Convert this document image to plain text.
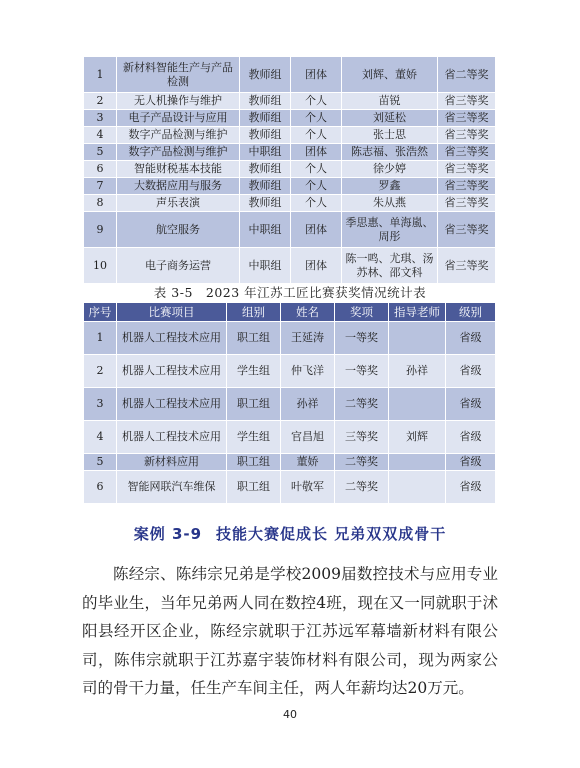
1	新材料智能生产与产品检测	教师组	团体	刘辉、董娇	省二等奖
2	无人机操作与维护	教师组	个人	苗锐	省三等奖
3	电子产品设计与应用	教师组	个人	刘延松	省三等奖
4	数字产品检测与维护	教师组	个人	张士思	省三等奖
5	数字产品检测与维护	中职组	团体	陈志福、张浩然	省三等奖
6	智能财税基本技能	教师组	个人	徐少婷	省三等奖
7	大数据应用与服务	教师组	个人	罗鑫	省三等奖
8	声乐表演	教师组	个人	朱从燕	省三等奖
9	航空服务	中职组	团体	季思惠、单海嵐、周彤	省三等奖
10	电子商务运营	中职组	团体	陈一鸣、尤琪、汤苏林、邵文科	省三等奖
表 3-5　2023 年江苏工匠比赛获奖情况统计表
序号	比赛项目	组别	姓名	奖项	指导老师	级别
1	机器人工程技术应用	职工组	王延涛	一等奖		省级
2	机器人工程技术应用	学生组	仲飞洋	一等奖	孙祥	省级
3	机器人工程技术应用	职工组	孙祥	二等奖		省级
4	机器人工程技术应用	学生组	官昌旭	三等奖	刘辉	省级
5	新材料应用	职工组	董娇	二等奖		省级
6	智能网联汽车维保	职工组	叶敬军	二等奖		省级
案例 3-9 技能大赛促成长 兄弟双双成骨干

陈经宗、陈纬宗兄弟是学校2009届数控技术与应用专业的毕业生，当年兄弟两人同在数控4班，现在又一同就职于沭阳县经开区企业，陈经宗就职于江苏远军幕墙新材料有限公司，陈伟宗就职于江苏嘉宇装饰材料有限公司，现为两家公司的骨干力量，任生产车间主任，两人年薪均达20万元。

40
